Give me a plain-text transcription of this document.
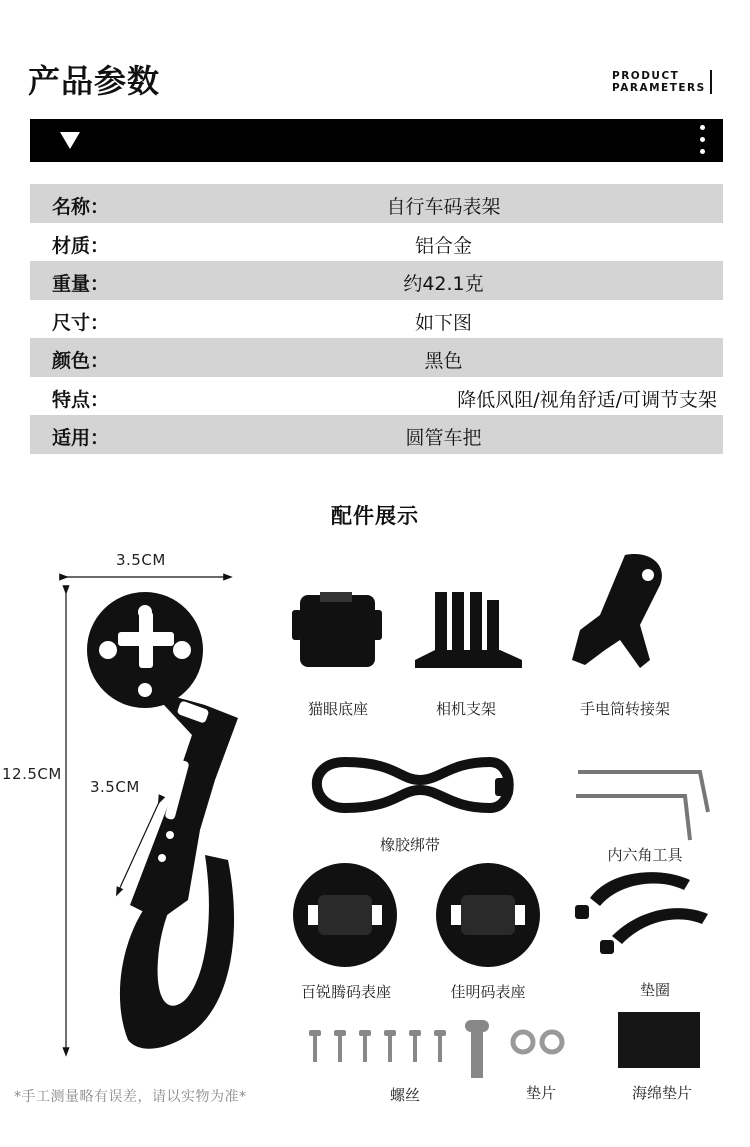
产品参数	PRODUCT
PARAMETERS
名称：	自行车码表架
材质：	铝合金
重量：	约42.1克
尺寸：	如下图
颜色：	黑色
特点：	降低风阻/视角舒适/可调节支架
适用：	圆管车把
配件展示
3.5CM
12.5CM
3.5CM
猫眼底座	相机支架	手电筒转接架
橡胶绑带
内六角工具
百锐腾码表座	佳明码表座	垫圈
螺丝	垫片	海绵垫片
*手工测量略有误差，请以实物为准*
